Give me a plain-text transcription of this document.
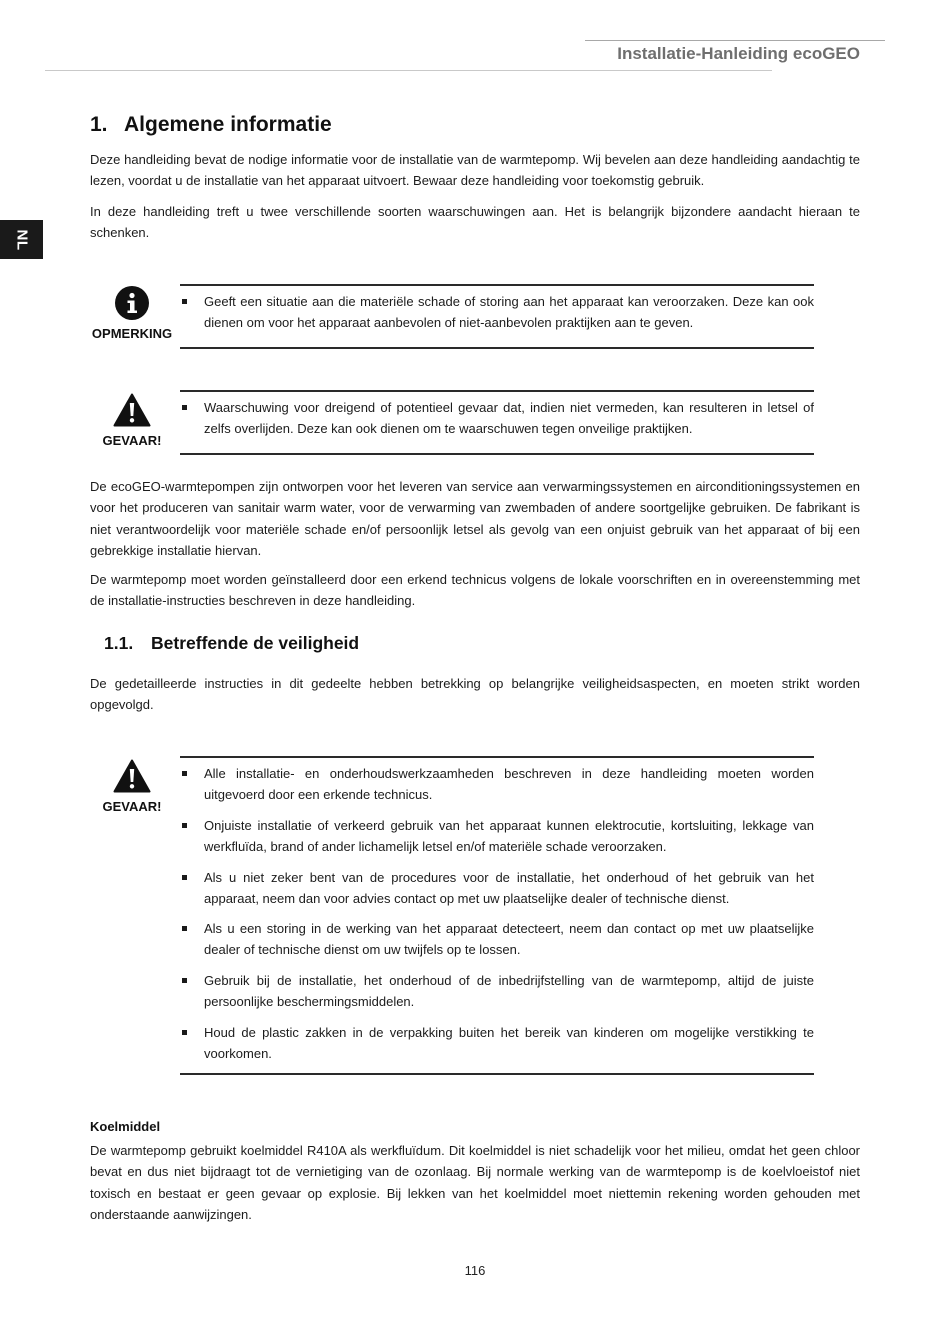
Installatie-Hanleiding ecoGEO
NL
1. Algemene informatie
Deze handleiding bevat de nodige informatie voor de installatie van de warmtepomp. Wij bevelen aan deze handleiding aandachtig te lezen, voordat u de installatie van het apparaat uitvoert. Bewaar deze handleiding voor toekomstig gebruik.
In deze handleiding treft u twee verschillende soorten waarschuwingen aan. Het is belangrijk bijzondere aandacht hieraan te schenken.
OPMERKING
Geeft een situatie aan die materiële schade of storing aan het apparaat kan veroorzaken. Deze kan ook dienen om voor het apparaat aanbevolen of niet-aanbevolen praktijken aan te geven.
GEVAAR!
Waarschuwing voor dreigend of potentieel gevaar dat, indien niet vermeden, kan resulteren in letsel of zelfs overlijden. Deze kan ook dienen om te waarschuwen tegen onveilige praktijken.
De ecoGEO-warmtepompen zijn ontworpen voor het leveren van service aan verwarmingssystemen en airconditioningssystemen en voor het produceren van sanitair warm water, voor de verwarming van zwembaden of andere soortgelijke gebruiken. De fabrikant is niet verantwoordelijk voor materiële schade en/of persoonlijk letsel als gevolg van een onjuist gebruik van het apparaat of bij een gebrekkige installatie hiervan.
De warmtepomp moet worden geïnstalleerd door een erkend technicus volgens de lokale voorschriften en in overeenstemming met de installatie-instructies beschreven in deze handleiding.
1.1. Betreffende de veiligheid
De gedetailleerde instructies in dit gedeelte hebben betrekking op belangrijke veiligheidsaspecten, en moeten strikt worden opgevolgd.
GEVAAR!
Alle installatie- en onderhoudswerkzaamheden beschreven in deze handleiding moeten worden uitgevoerd door een erkende technicus.
Onjuiste installatie of verkeerd gebruik van het apparaat kunnen elektrocutie, kortsluiting, lekkage van werkfluïda, brand of ander lichamelijk letsel en/of materiële schade veroorzaken.
Als u niet zeker bent van de procedures voor de installatie, het onderhoud of het gebruik van het apparaat, neem dan voor advies contact op met uw plaatselijke dealer of technische dienst.
Als u een storing in de werking van het apparaat detecteert, neem dan contact op met uw plaatselijke dealer of technische dienst om uw twijfels op te lossen.
Gebruik bij de installatie, het onderhoud of de inbedrijfstelling van de warmtepomp, altijd de juiste persoonlijke beschermingsmiddelen.
Houd de plastic zakken in de verpakking buiten het bereik van kinderen om mogelijke verstikking te voorkomen.
Koelmiddel
De warmtepomp gebruikt koelmiddel R410A als werkfluïdum. Dit koelmiddel is niet schadelijk voor het milieu, omdat het geen chloor bevat en dus niet bijdraagt tot de vernietiging van de ozonlaag. Bij normale werking van de warmtepomp is de koelvloeistof niet toxisch en bestaat er geen gevaar op explosie. Bij lekken van het koelmiddel moet niettemin rekening worden gehouden met onderstaande aanwijzingen.
116
